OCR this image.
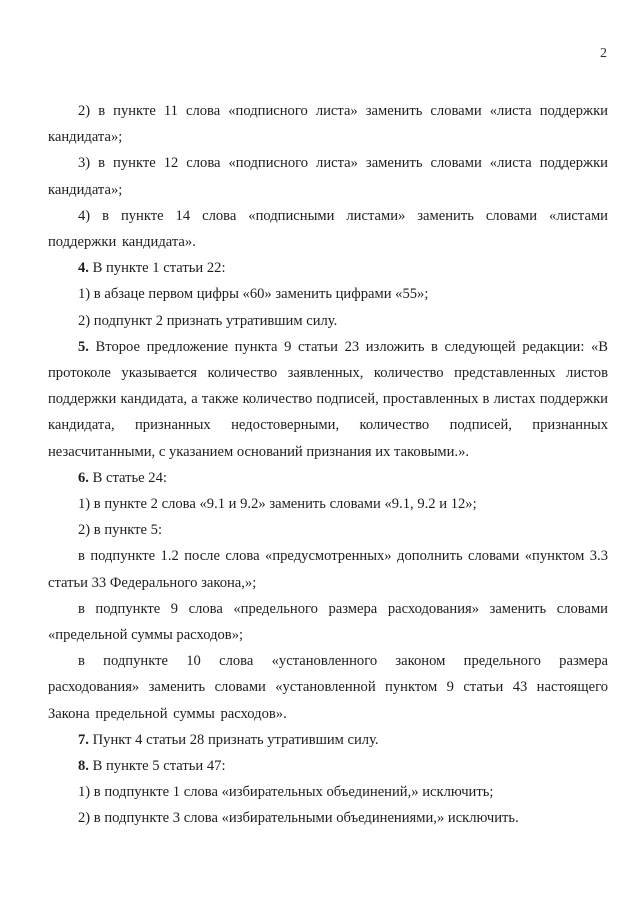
2

2) в пункте 11 слова «подписного листа» заменить словами «листа поддержки кандидата»;

3) в пункте 12 слова «подписного листа» заменить словами «листа поддержки кандидата»;

4) в пункте 14 слова «подписными листами» заменить словами «листами поддержки кандидата».

4. В пункте 1 статьи 22:

1) в абзаце первом цифры «60» заменить цифрами «55»;

2) подпункт 2 признать утратившим силу.

5. Второе предложение пункта 9 статьи 23 изложить в следующей редакции: «В протоколе указывается количество заявленных, количество представленных листов поддержки кандидата, а также количество подписей, проставленных в листах поддержки кандидата, признанных недостоверными, количество подписей, признанных незасчитанными, с указанием оснований признания их таковыми.».

6. В статье 24:

1) в пункте 2 слова «9.1 и 9.2» заменить словами «9.1, 9.2 и 12»;

2) в пункте 5:

в подпункте 1.2 после слова «предусмотренных» дополнить словами «пунктом 3.3 статьи 33 Федерального закона,»;

в подпункте 9 слова «предельного размера расходования» заменить словами «предельной суммы расходов»;

в подпункте 10 слова «установленного законом предельного размера расходования» заменить словами «установленной пунктом 9 статьи 43 настоящего Закона предельной суммы расходов».

7. Пункт 4 статьи 28 признать утратившим силу.

8. В пункте 5 статьи 47:

1) в подпункте 1 слова «избирательных объединений,» исключить;

2) в подпункте 3 слова «избирательными объединениями,» исключить.
